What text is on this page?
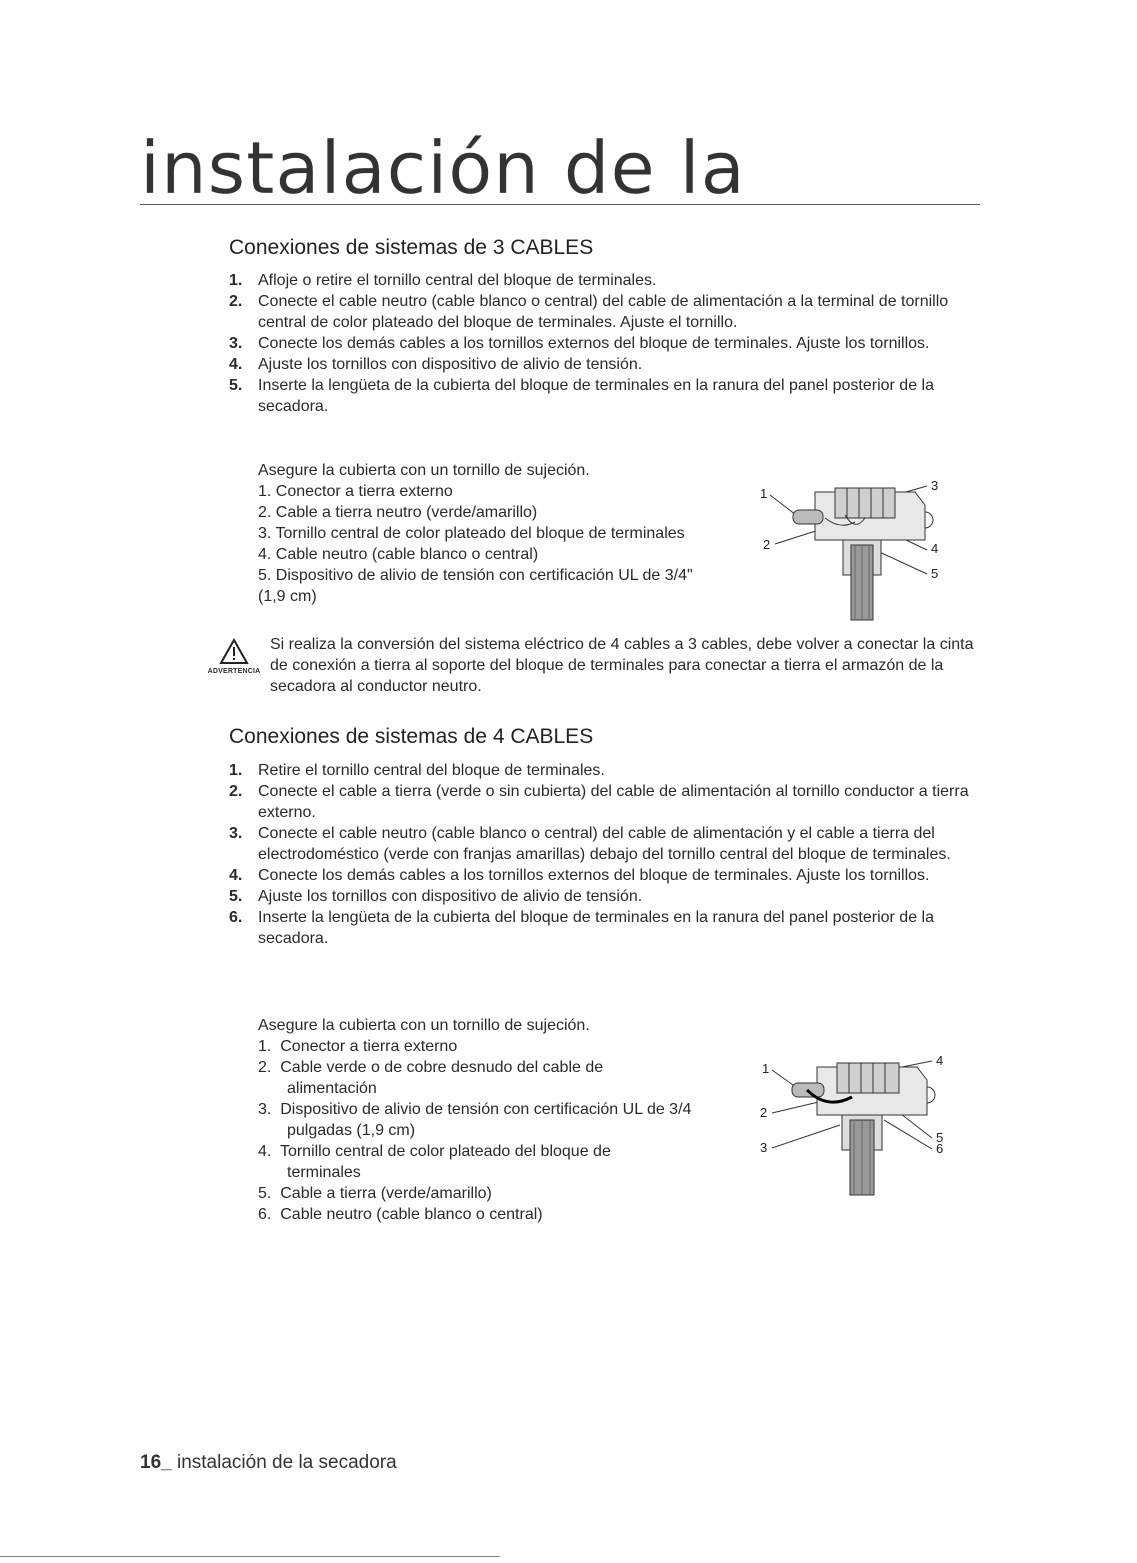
instalación de la
Conexiones de sistemas de 3 CABLES
1. Afloje o retire el tornillo central del bloque de terminales.
2. Conecte el cable neutro (cable blanco o central) del cable de alimentación a la terminal de tornillo central de color plateado del bloque de terminales. Ajuste el tornillo.
3. Conecte los demás cables a los tornillos externos del bloque de terminales. Ajuste los tornillos.
4. Ajuste los tornillos con dispositivo de alivio de tensión.
5. Inserte la lengüeta de la cubierta del bloque de terminales en la ranura del panel posterior de la secadora.
Asegure la cubierta con un tornillo de sujeción.
1. Conector a tierra externo
2. Cable a tierra neutro (verde/amarillo)
3. Tornillo central de color plateado del bloque de terminales
4. Cable neutro (cable blanco o central)
5. Dispositivo de alivio de tensión con certificación UL de 3/4" (1,9 cm)
1
2
3
4
5
ADVERTENCIA
Si realiza la conversión del sistema eléctrico de 4 cables a 3 cables, debe volver a conectar la cinta de conexión a tierra al soporte del bloque de terminales para conectar a tierra el armazón de la secadora al conductor neutro.
Conexiones de sistemas de 4 CABLES
1. Retire el tornillo central del bloque de terminales.
2. Conecte el cable a tierra (verde o sin cubierta) del cable de alimentación al tornillo conductor a tierra externo.
3. Conecte el cable neutro (cable blanco o central) del cable de alimentación y el cable a tierra del electrodoméstico (verde con franjas amarillas) debajo del tornillo central del bloque de terminales.
4. Conecte los demás cables a los tornillos externos del bloque de terminales. Ajuste los tornillos.
5. Ajuste los tornillos con dispositivo de alivio de tensión.
6. Inserte la lengüeta de la cubierta del bloque de terminales en la ranura del panel posterior de la secadora.
Asegure la cubierta con un tornillo de sujeción.
1.  Conector a tierra externo
2.  Cable verde o de cobre desnudo del cable de alimentación
3.  Dispositivo de alivio de tensión con certificación UL de 3/4 pulgadas (1,9 cm)
4.  Tornillo central de color plateado del bloque de terminales
5.  Cable a tierra (verde/amarillo)
6.  Cable neutro (cable blanco o central)
1
2
3
4
5
6
16_ instalación de la secadora
